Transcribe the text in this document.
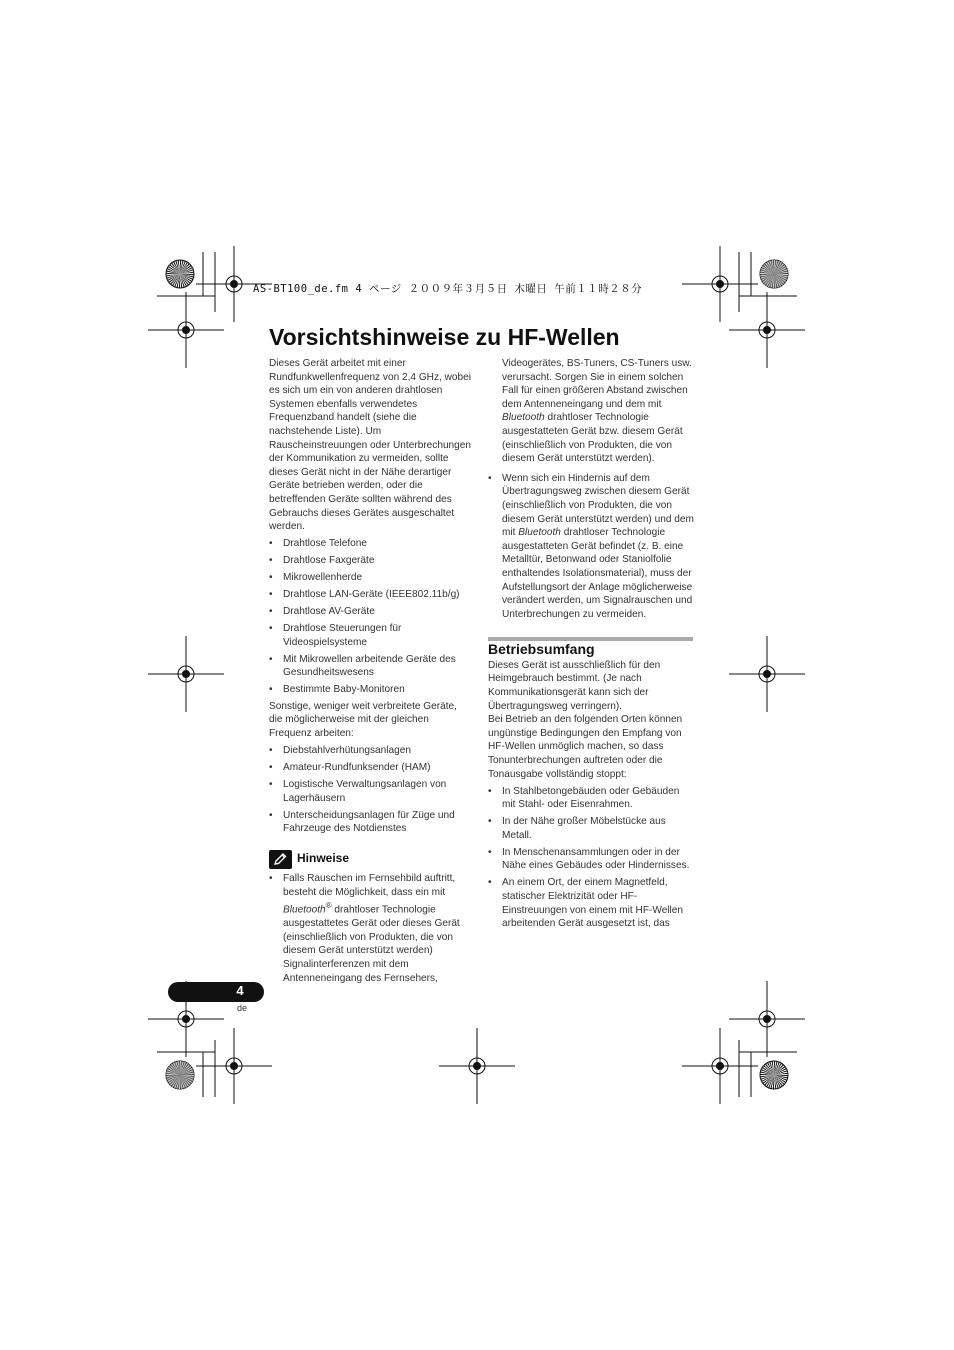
AS-BT100_de.fm 4 ページ ２００９年３月５日 木曜日 午前１１時２８分
Vorsichtshinweise zu HF-Wellen

Dieses Gerät arbeitet mit einer Rundfunkwellenfrequenz von 2,4 GHz, wobei es sich um ein von anderen drahtlosen Systemen ebenfalls verwendetes Frequenzband handelt (siehe die nachstehende Liste). Um Rauscheinstreuungen oder Unterbrechungen der Kommunikation zu vermeiden, sollte dieses Gerät nicht in der Nähe derartiger Geräte betrieben werden, oder die betreffenden Geräte sollten während des Gebrauchs dieses Gerätes ausgeschaltet werden.

• Drahtlose Telefone
• Drahtlose Faxgeräte
• Mikrowellenherde
• Drahtlose LAN-Geräte (IEEE802.11b/g)
• Drahtlose AV-Geräte
• Drahtlose Steuerungen für Videospielsysteme
• Mit Mikrowellen arbeitende Geräte des Gesundheitswesens
• Bestimmte Baby-Monitoren

Sonstige, weniger weit verbreitete Geräte, die möglicherweise mit der gleichen Frequenz arbeiten:

• Diebstahlverhütungsanlagen
• Amateur-Rundfunksender (HAM)
• Logistische Verwaltungsanlagen von Lagerhäusern
• Unterscheidungsanlagen für Züge und Fahrzeuge des Notdienstes
Hinweise
• Falls Rauschen im Fernsehbild auftritt, besteht die Möglichkeit, dass ein mit Bluetooth® drahtloser Technologie ausgestattetes Gerät oder dieses Gerät (einschließlich von Produkten, die von diesem Gerät unterstützt werden) Signalinterferenzen mit dem Antenneneingang des Fernsehers,

Videogerätes, BS-Tuners, CS-Tuners usw. verursacht. Sorgen Sie in einem solchen Fall für einen größeren Abstand zwischen dem Antenneneingang und dem mit Bluetooth drahtloser Technologie ausgestatteten Gerät bzw. diesem Gerät (einschließlich von Produkten, die von diesem Gerät unterstützt werden).

• Wenn sich ein Hindernis auf dem Übertragungsweg zwischen diesem Gerät (einschließlich von Produkten, die von diesem Gerät unterstützt werden) und dem mit Bluetooth drahtloser Technologie ausgestatteten Gerät befindet (z. B. eine Metalltür, Betonwand oder Staniolfolie enthaltendes Isolationsmaterial), muss der Aufstellungsort der Anlage möglicherweise verändert werden, um Signalrauschen und Unterbrechungen zu vermeiden.
Betriebsumfang

Dieses Gerät ist ausschließlich für den Heimgebrauch bestimmt. (Je nach Kommunikationsgerät kann sich der Übertragungsweg verringern).

Bei Betrieb an den folgenden Orten können ungünstige Bedingungen den Empfang von HF-Wellen unmöglich machen, so dass Tonunterbrechungen auftreten oder die Tonausgabe vollständig stoppt:

• In Stahlbetongebäuden oder Gebäuden mit Stahl- oder Eisenrahmen.
• In der Nähe großer Möbelstücke aus Metall.
• In Menschenansammlungen oder in der Nähe eines Gebäudes oder Hindernisses.
• An einem Ort, der einem Magnetfeld, statischer Elektrizität oder HF-Einstreuungen von einem mit HF-Wellen arbeitenden Gerät ausgesetzt ist, das
4
de
